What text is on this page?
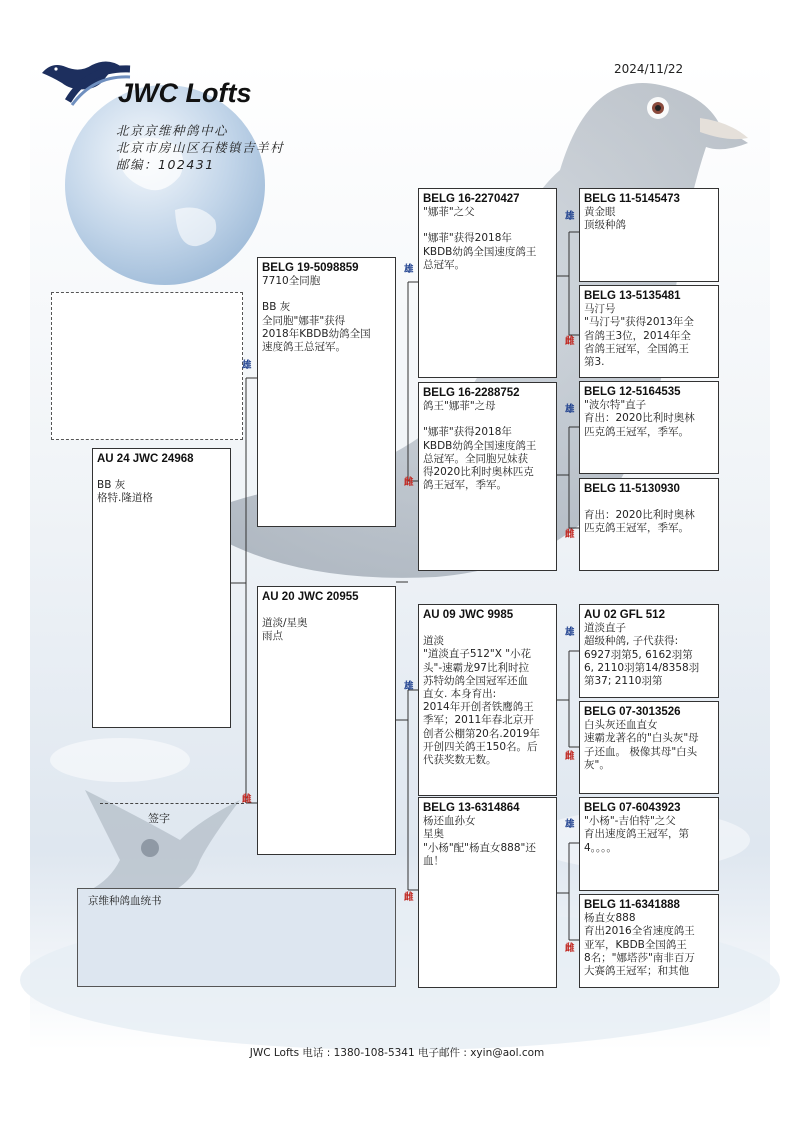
2024/11/22
JWC Lofts
北京京维种鸽中心
北京市房山区石楼镇吉羊村
邮编：102431
雄
雌
雄
雌
雄
雌
雄
雌
雄
雌
雄
雌
雄
雌
AU 24 JWC 24968
BB 灰
格特.隆道格
BELG 19-5098859
7710全同胞
BB 灰
全同胞"娜菲"获得
2018年KBDB幼鸽全国
速度鸽王总冠军。
AU 20 JWC 20955
道淡/星奥
雨点
BELG 16-2270427
"娜菲"之父
"娜菲"获得2018年
KBDB幼鸽全国速度鸽王
总冠军。
BELG 16-2288752
鸽王"娜菲"之母
"娜菲"获得2018年
KBDB幼鸽全国速度鸽王
总冠军。全同胞兄妹获
得2020比利时奥林匹克
鸽王冠军，季军。
AU 09 JWC 9985
道淡
"道淡直子512"X "小花
头"-速霸龙97比利时拉
苏特幼鸽全国冠军还血
直女. 本身育出:
2014年开创者铁鹰鸽王
季军；2011年春北京开
创者公棚第20名.2019年
开创四关鸽王150名。后
代获奖数无数。
BELG 13-6314864
杨还血孙女
星奥
"小杨"配"杨直女888"还
血！
BELG 11-5145473
黄金眼
顶级种鸽
BELG 13-5135481
马汀号
"马汀号"获得2013年全
省鸽王3位，2014年全
省鸽王冠军，全国鸽王
第3.
BELG 12-5164535
"波尔特"直子
育出：2020比利时奥林
匹克鸽王冠军，季军。
BELG 11-5130930
育出：2020比利时奥林
匹克鸽王冠军，季军。
AU 02 GFL 512
道淡直子
超级种鸽, 子代获得:
6927羽第5, 6162羽第
6, 2110羽第14/8358羽
第37; 2110羽第
BELG 07-3013526
白头灰还血直女
速霸龙著名的"白头灰"母
子还血。 极像其母"白头
灰"。
BELG 07-6043923
"小杨"-吉伯特"之父
育出速度鸽王冠军，第
4。。。。
BELG 11-6341888
杨直女888
育出2016全省速度鸽王
亚军，KBDB全国鸽王
8名；"娜塔莎"南非百万
大赛鸽王冠军；和其他
签字
京维种鸽血统书
JWC Lofts 电话 : 1380-108-5341 电子邮件 : xyin@aol.com
